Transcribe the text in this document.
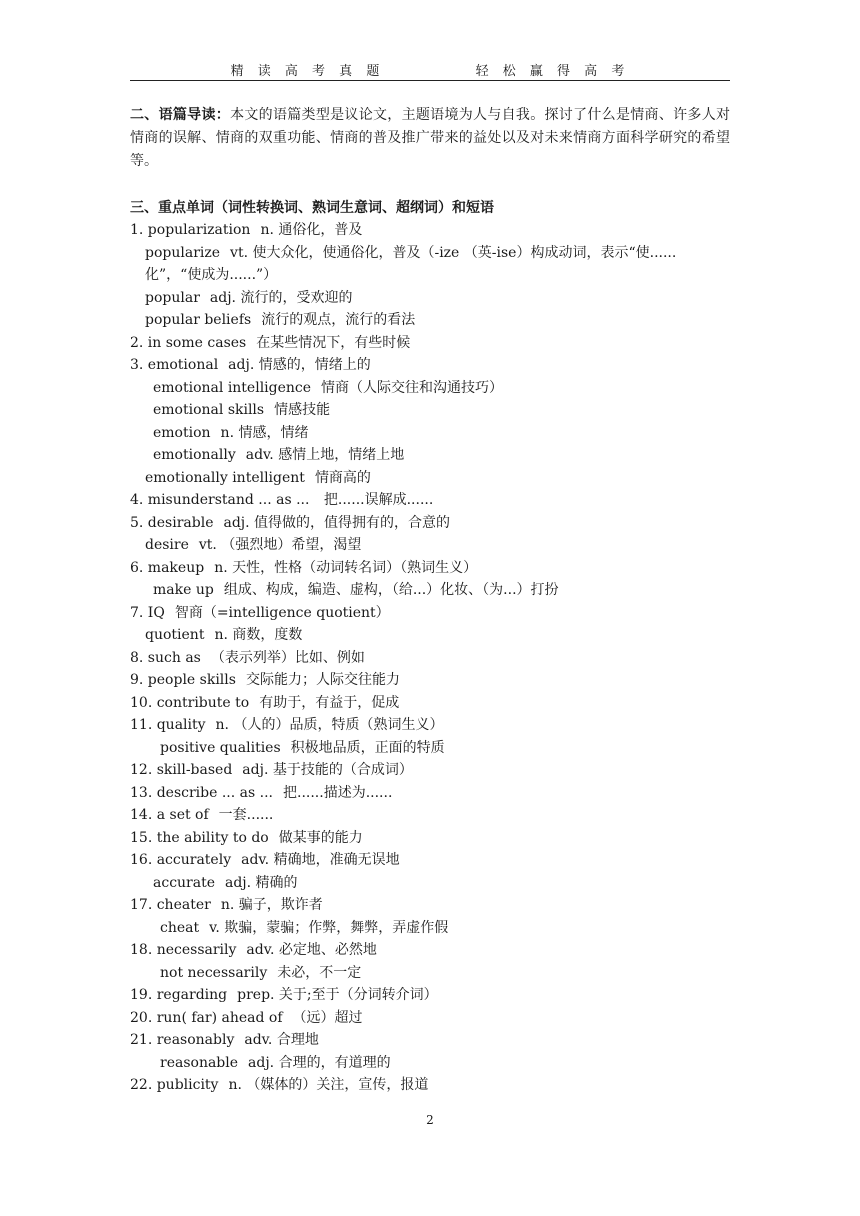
精 读 高 考 真 题	轻 松 赢 得 高 考

二、语篇导读：本文的语篇类型是议论文，主题语境为人与自我。探讨了什么是情商、许多人对情商的误解、情商的双重功能、情商的普及推广带来的益处以及对未来情商方面科学研究的希望等。

三、重点单词（词性转换词、熟词生意词、超纲词）和短语
1. popularization n. 通俗化，普及
popularize vt. 使大众化，使通俗化，普及（-ize （英-ise）构成动词，表示“使......化”，“使成为......”）
popular adj. 流行的，受欢迎的
popular beliefs 流行的观点，流行的看法
2. in some cases 在某些情况下，有些时候
3. emotional adj. 情感的，情绪上的
emotional intelligence 情商（人际交往和沟通技巧）
emotional skills 情感技能
emotion n. 情感，情绪
emotionally adv. 感情上地，情绪上地
emotionally intelligent 情商高的
4. misunderstand ... as ... 把......误解成......
5. desirable adj. 值得做的，值得拥有的，合意的
desire vt. （强烈地）希望，渴望
6. makeup n. 天性，性格（动词转名词）（熟词生义）
make up 组成、构成，编造、虚构，（给...）化妆、（为...）打扮
7. IQ 智商（=intelligence quotient）
quotient n. 商数，度数
8. such as （表示列举）比如、例如
9. people skills 交际能力；人际交往能力
10. contribute to 有助于，有益于，促成
11. quality n. （人的）品质，特质（熟词生义）
positive qualities 积极地品质，正面的特质
12. skill-based adj. 基于技能的（合成词）
13. describe ... as ... 把......描述为......
14. a set of 一套......
15. the ability to do 做某事的能力
16. accurately adv. 精确地，准确无误地
accurate adj. 精确的
17. cheater n. 骗子，欺诈者
cheat v. 欺骗，蒙骗；作弊，舞弊，弄虚作假
18. necessarily adv. 必定地、必然地
not necessarily 未必，不一定
19. regarding prep. 关于;至于（分词转介词）
20. run( far) ahead of （远）超过
21. reasonably adv. 合理地
reasonable adj. 合理的，有道理的
22. publicity n. （媒体的）关注，宣传，报道
2
